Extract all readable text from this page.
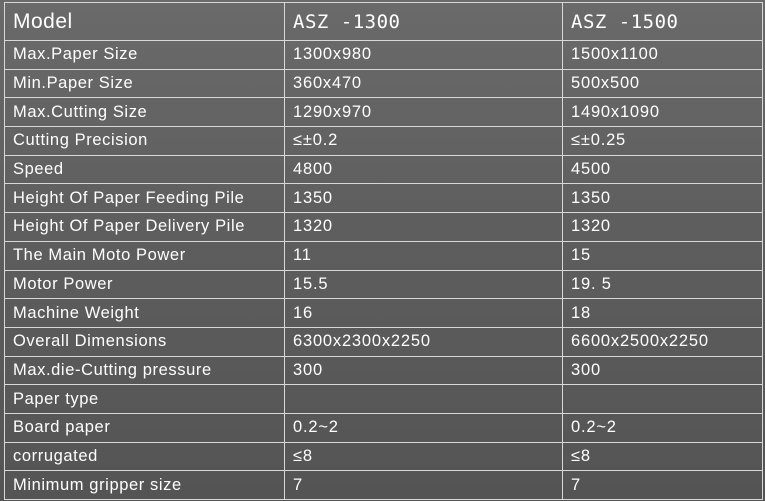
Model	ASZ -1300	ASZ -1500
Max.Paper Size	1300x980	1500x1100
Min.Paper Size	360x470	500x500
Max.Cutting Size	1290x970	1490x1090
Cutting Precision	≤±0.2	≤±0.25
Speed	4800	4500
Height Of Paper Feeding Pile	1350	1350
Height Of Paper Delivery Pile	1320	1320
The Main Moto Power	11	15
Motor Power	15.5	19. 5
Machine Weight	16	18
Overall Dimensions	6300x2300x2250	6600x2500x2250
Max.die-Cutting pressure	300	300
Paper type		
Board paper	0.2~2	0.2~2
corrugated	≤8	≤8
Minimum gripper size	7	7
